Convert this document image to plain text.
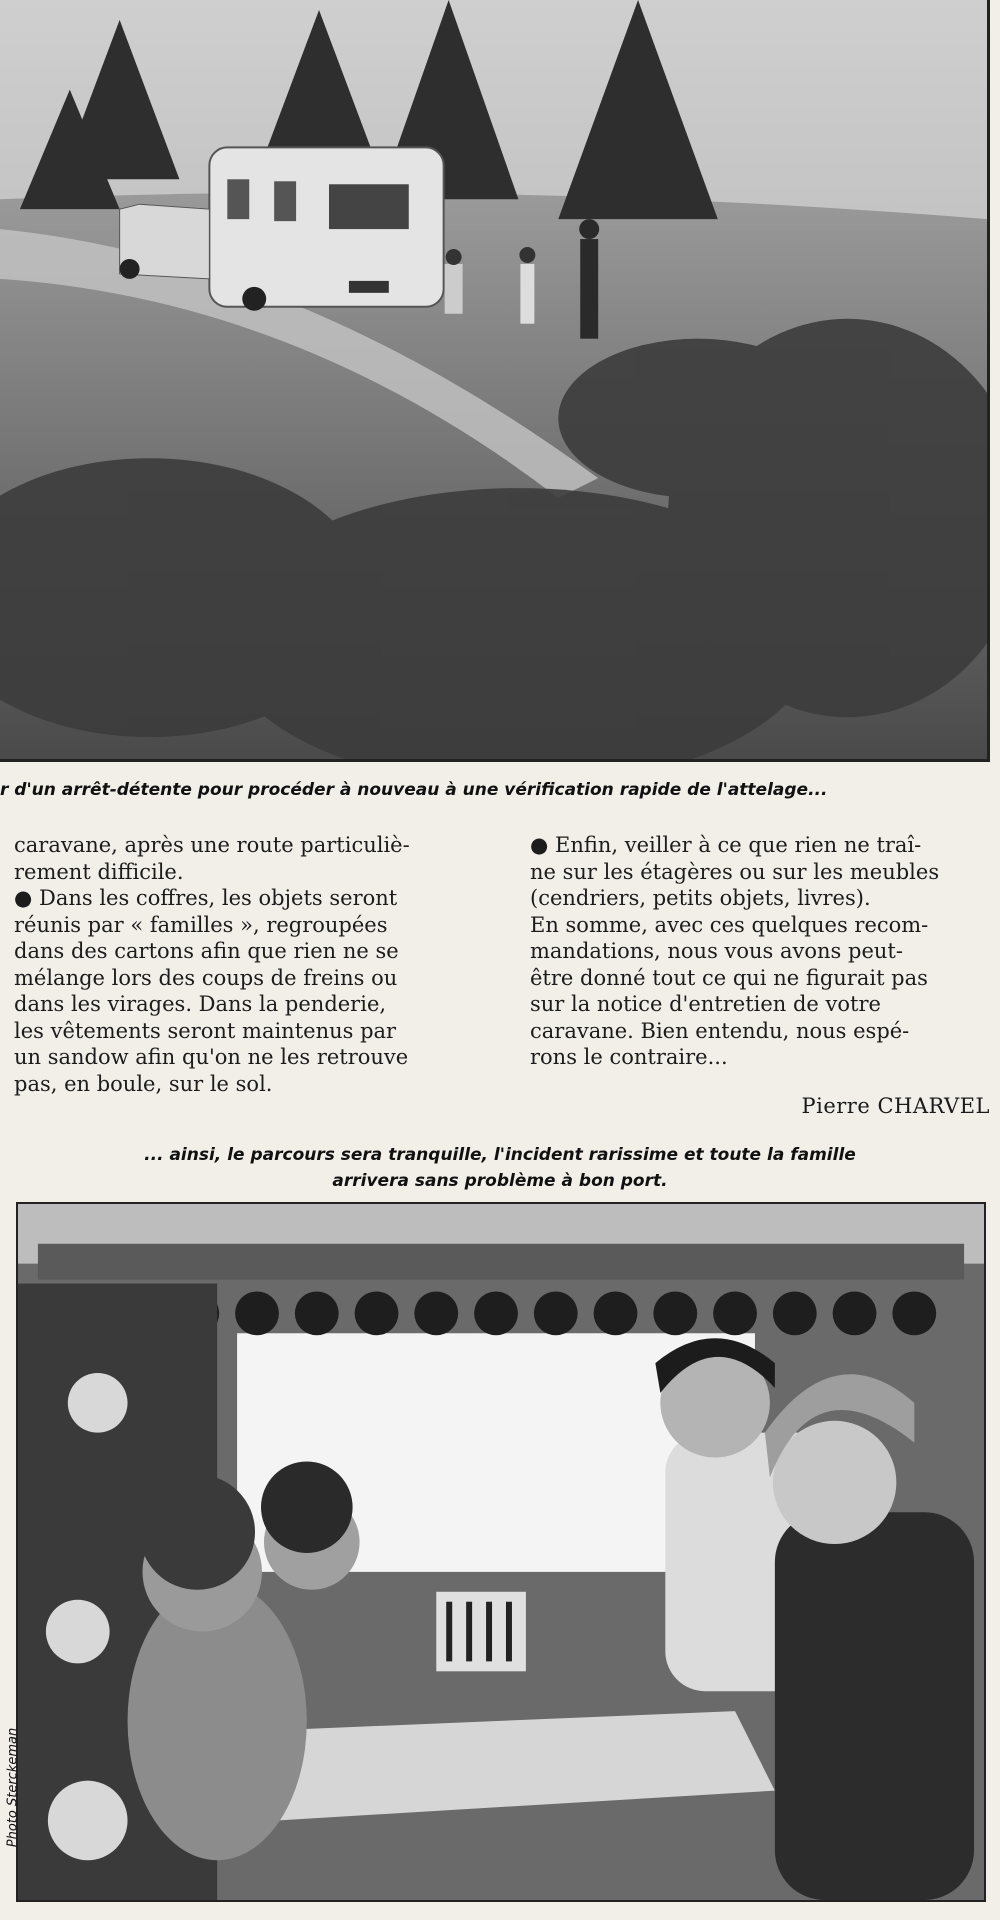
r d'un arrêt-détente pour procéder à nouveau à une vérification rapide de l'attelage...

caravane, après une route particuliè-

rement difficile.

● Dans les coffres, les objets seront

réunis par « familles », regroupées

dans des cartons afin que rien ne se

mélange lors des coups de freins ou

dans les virages. Dans la penderie,

les vêtements seront maintenus par

un sandow afin qu'on ne les retrouve

pas, en boule, sur le sol.

● Enfin, veiller à ce que rien ne traî-

ne sur les étagères ou sur les meubles

(cendriers, petits objets, livres).

En somme, avec ces quelques recom-

mandations, nous vous avons peut-

être donné tout ce qui ne figurait pas

sur la notice d'entretien de votre

caravane. Bien entendu, nous espé-

rons le contraire...

Pierre CHARVEL
... ainsi, le parcours sera tranquille, l'incident rarissime et toute la famille
arrivera sans problème à bon port.
Photo Sterckeman
